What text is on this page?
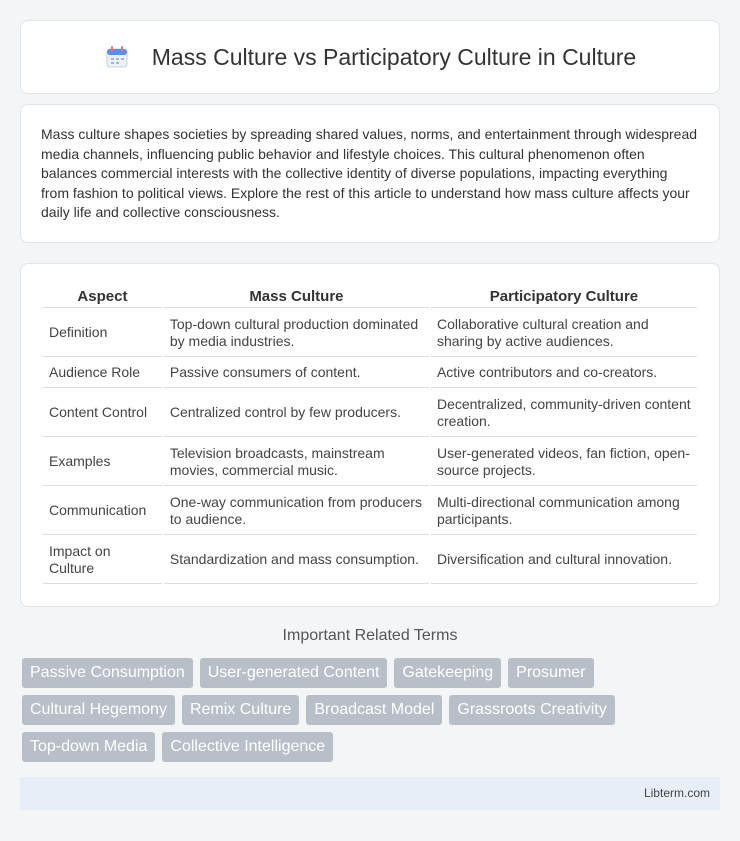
Mass Culture vs Participatory Culture in Culture

Mass culture shapes societies by spreading shared values, norms, and entertainment through widespread media channels, influencing public behavior and lifestyle choices. This cultural phenomenon often balances commercial interests with the collective identity of diverse populations, impacting everything from fashion to political views. Explore the rest of this article to understand how mass culture affects your daily life and collective consciousness.

Aspect	Mass Culture	Participatory Culture
Definition	Top-down cultural production dominated by media industries.	Collaborative cultural creation and sharing by active audiences.
Audience Role	Passive consumers of content.	Active contributors and co-creators.
Content Control	Centralized control by few producers.	Decentralized, community-driven content creation.
Examples	Television broadcasts, mainstream movies, commercial music.	User-generated videos, fan fiction, open-source projects.
Communication	One-way communication from producers to audience.	Multi-directional communication among participants.
Impact on Culture	Standardization and mass consumption.	Diversification and cultural innovation.
Important Related Terms
Passive Consumption	User-generated Content	Gatekeeping	Prosumer
Cultural Hegemony	Remix Culture	Broadcast Model	Grassroots Creativity
Top-down Media	Collective Intelligence
Libterm.com
